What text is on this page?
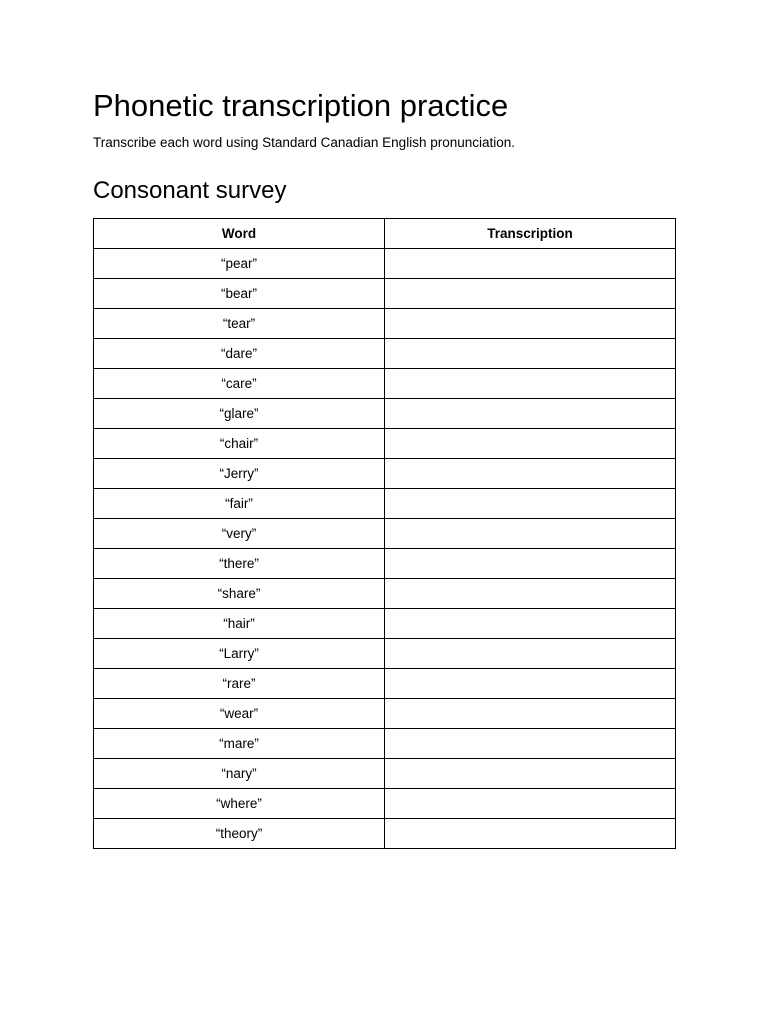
Phonetic transcription practice

Transcribe each word using Standard Canadian English pronunciation.

Consonant survey
Word	Transcription
“pear”	
“bear”	
“tear”	
“dare”	
“care”	
“glare”	
“chair”	
“Jerry”	
“fair”	
“very”	
“there”	
“share”	
“hair”	
“Larry”	
“rare”	
“wear”	
“mare”	
“nary”	
“where”	
“theory”	
